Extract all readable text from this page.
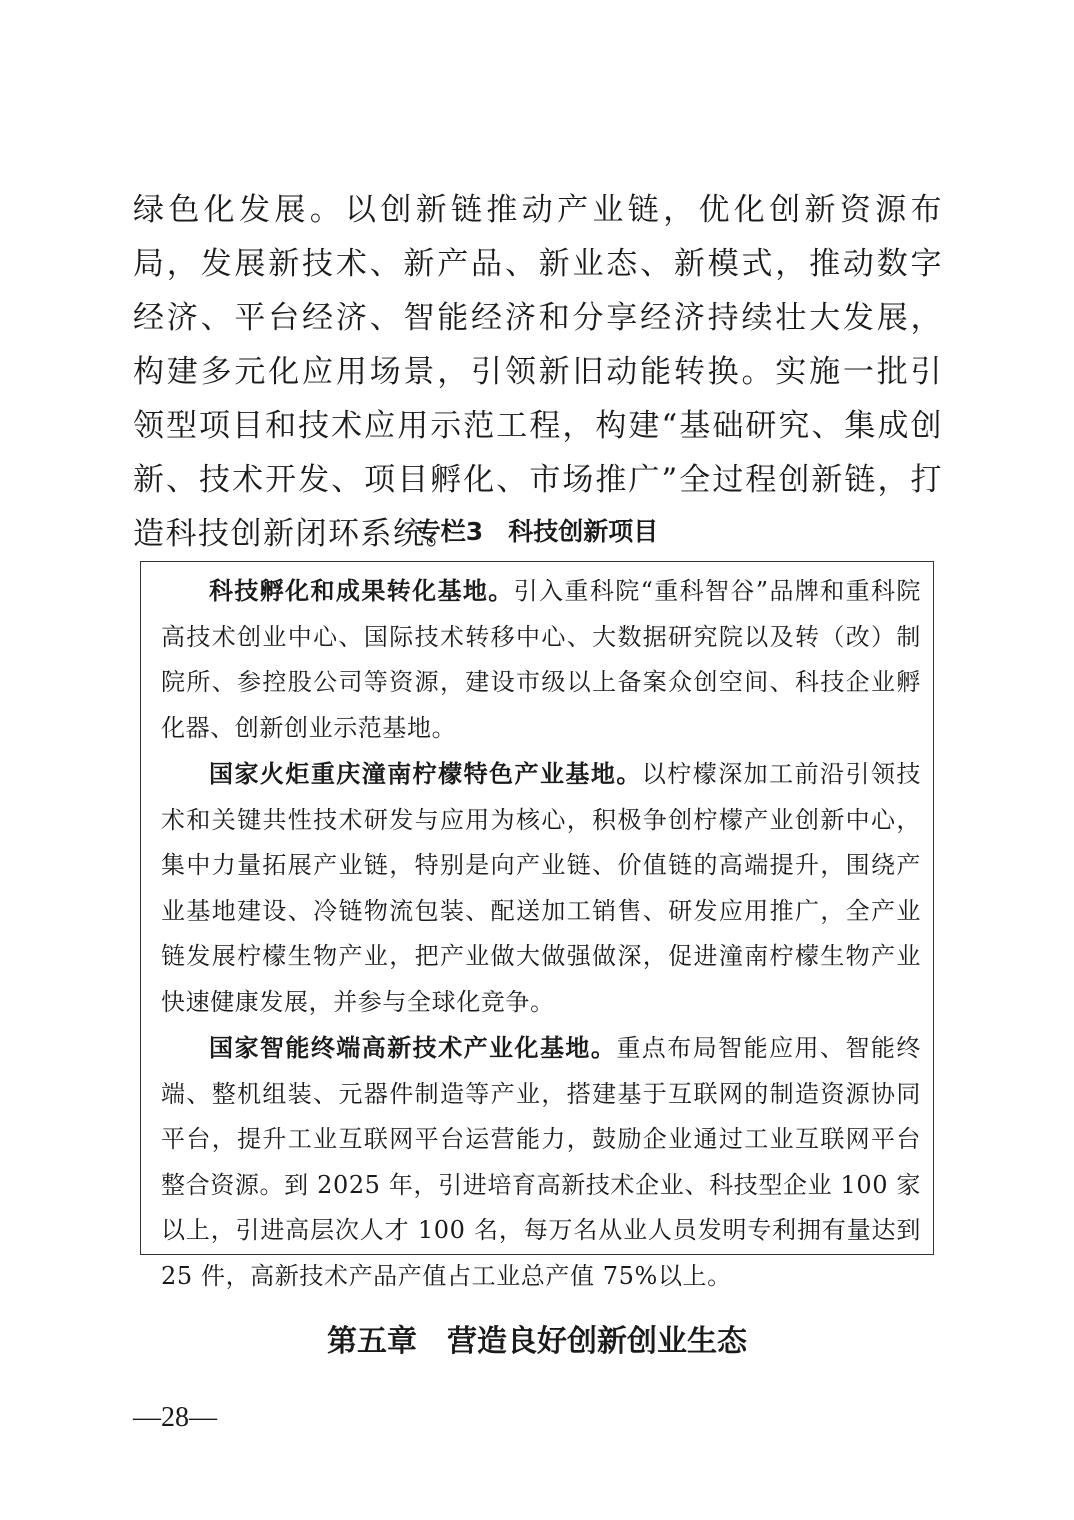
绿色化发展。以创新链推动产业链，优化创新资源布局，发展新技术、新产品、新业态、新模式，推动数字经济、平台经济、智能经济和分享经济持续壮大发展，构建多元化应用场景，引领新旧动能转换。实施一批引领型项目和技术应用示范工程，构建“基础研究、集成创新、技术开发、项目孵化、市场推广”全过程创新链，打造科技创新闭环系统。

专栏3　科技创新项目

科技孵化和成果转化基地。引入重科院“重科智谷”品牌和重科院高技术创业中心、国际技术转移中心、大数据研究院以及转（改）制院所、参控股公司等资源，建设市级以上备案众创空间、科技企业孵化器、创新创业示范基地。

国家火炬重庆潼南柠檬特色产业基地。以柠檬深加工前沿引领技术和关键共性技术研发与应用为核心，积极争创柠檬产业创新中心，集中力量拓展产业链，特别是向产业链、价值链的高端提升，围绕产业基地建设、冷链物流包装、配送加工销售、研发应用推广，全产业链发展柠檬生物产业，把产业做大做强做深，促进潼南柠檬生物产业快速健康发展，并参与全球化竞争。

国家智能终端高新技术产业化基地。重点布局智能应用、智能终端、整机组装、元器件制造等产业，搭建基于互联网的制造资源协同平台，提升工业互联网平台运营能力，鼓励企业通过工业互联网平台整合资源。到 2025 年，引进培育高新技术企业、科技型企业 100 家以上，引进高层次人才 100 名，每万名从业人员发明专利拥有量达到 25 件，高新技术产品产值占工业总产值 75%以上。

第五章　营造良好创新创业生态

—28—
